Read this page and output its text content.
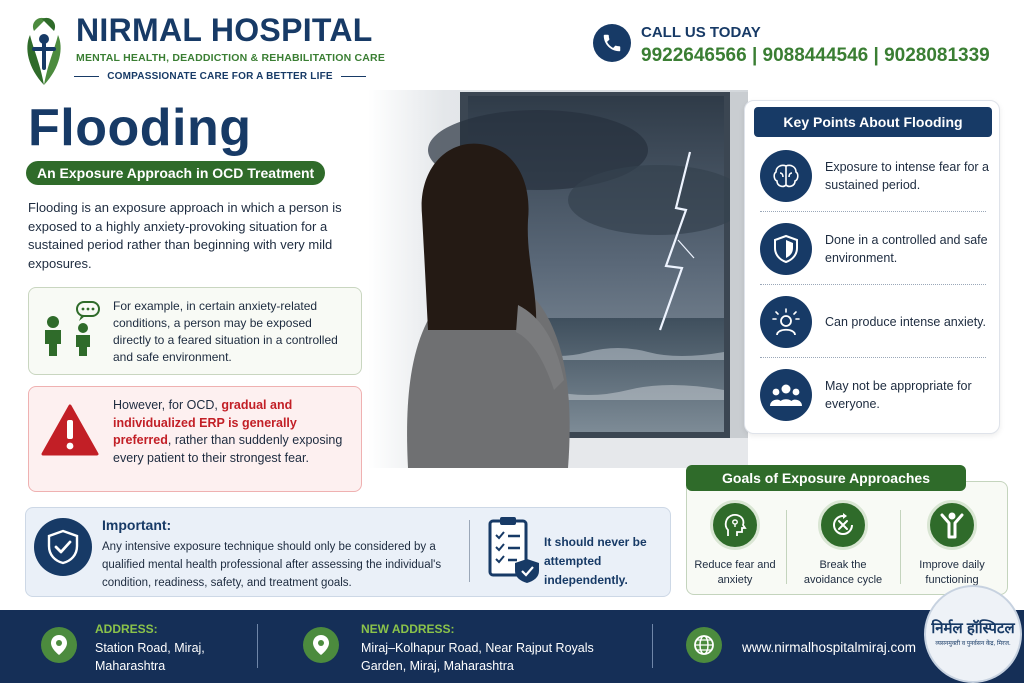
NIRMAL HOSPITAL
MENTAL HEALTH, DEADDICTION & REHABILITATION CARE
COMPASSIONATE CARE FOR A BETTER LIFE
CALL US TODAY
9922646566 | 9088444546 | 9028081339
Flooding
An Exposure Approach in OCD Treatment
Flooding is an exposure approach in which a person is exposed to a highly anxiety-provoking situation for a sustained period rather than beginning with very mild exposures.
For example, in certain anxiety-related conditions, a person may be exposed directly to a feared situation in a controlled and safe environment.
However, for OCD, gradual and individualized ERP is generally preferred, rather than suddenly exposing every patient to their strongest fear.
Key Points About Flooding
Exposure to intense fear for a sustained period.
Done in a controlled and safe environment.
Can produce intense anxiety.
May not be appropriate for everyone.
Goals of Exposure Approaches
Reduce fear and anxiety
Break the avoidance cycle
Improve daily functioning
Important:
Any intensive exposure technique should only be considered by a qualified mental health professional after assessing the individual's condition, readiness, safety, and treatment goals.
It should never be attempted independently.
ADDRESS:
Station Road, Miraj, Maharashtra
NEW ADDRESS:
Miraj–Kolhapur Road, Near Rajput Royals Garden, Miraj, Maharashtra
www.nirmalhospitalmiraj.com
निर्मल हॉस्पिटल
व्यसनमुक्ती व पुनर्वसन केंद्र, मिरज.
